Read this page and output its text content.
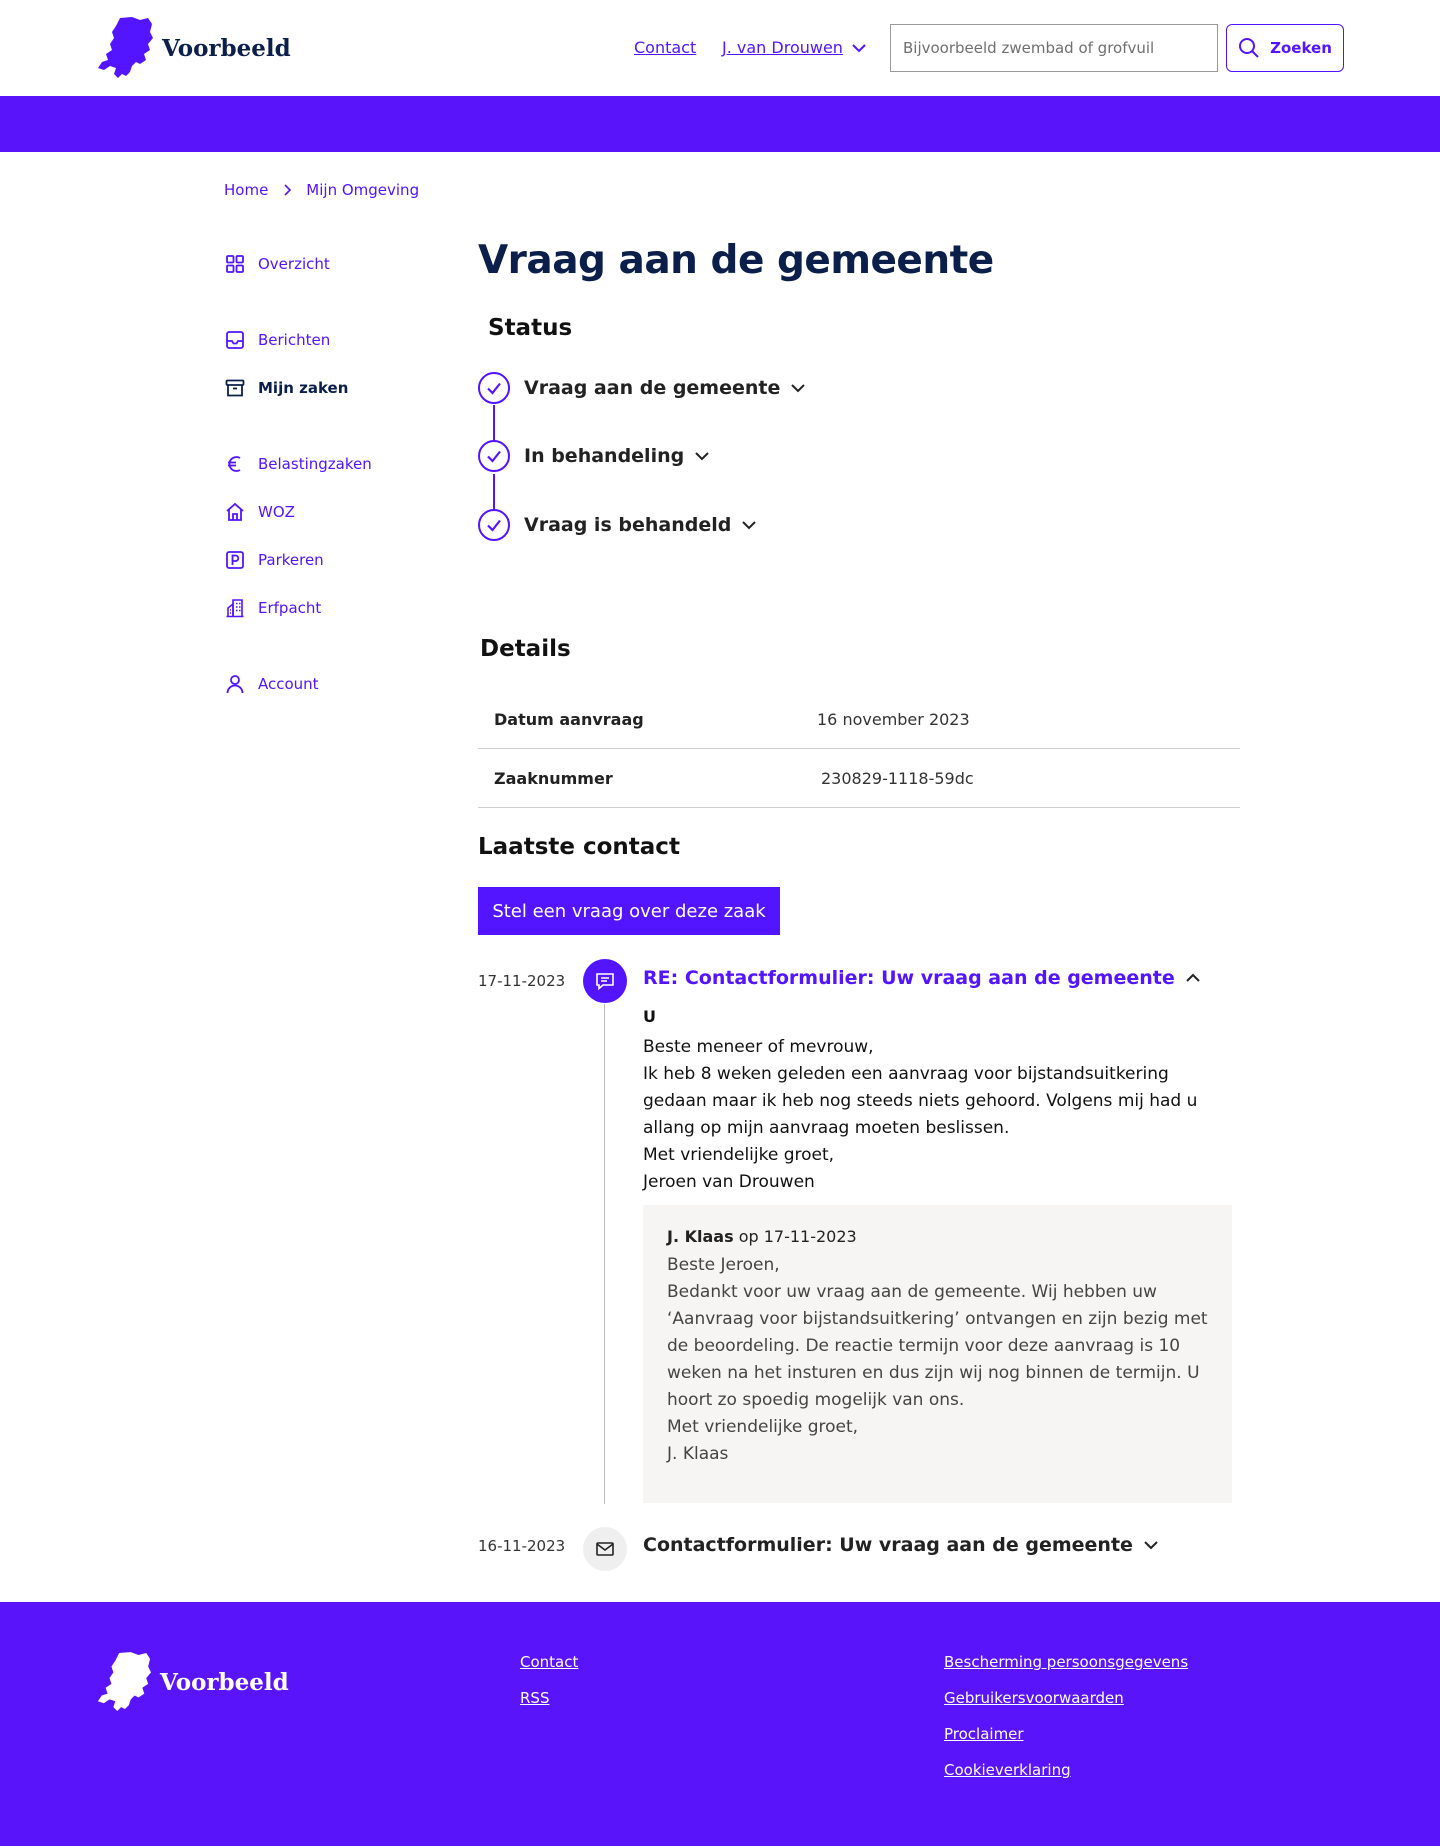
Voorbeeld	Contact J. van Drouwen
Bijvoorbeeld zwembad of grofvuil	Zoeken
Home	Mijn Omgeving
Overzicht
Berichten
Mijn zaken
Belastingzaken
WOZ
Parkeren
Erfpacht
Account
Vraag aan de gemeente
Status
Vraag aan de gemeente
In behandeling
Vraag is behandeld
Details
Datum aanvraag	16 november 2023
Zaaknummer	230829-1118-59dc
Laatste contact
Stel een vraag over deze zaak
17-11-2023	RE: Contactformulier: Uw vraag aan de gemeente
U
Beste meneer of mevrouw,
Ik heb 8 weken geleden een aanvraag voor bijstandsuitkering gedaan maar ik heb nog steeds niets gehoord. Volgens mij had u allang op mijn aanvraag moeten beslissen.
Met vriendelijke groet,
Jeroen van Drouwen
J. Klaas op 17-11-2023
Beste Jeroen,
Bedankt voor uw vraag aan de gemeente. Wij hebben uw ‘Aanvraag voor bijstandsuitkering’ ontvangen en zijn bezig met de beoordeling. De reactie termijn voor deze aanvraag is 10 weken na het insturen en dus zijn wij nog binnen de termijn. U hoort zo spoedig mogelijk van ons.
Met vriendelijke groet,
J. Klaas
16-11-2023	Contactformulier: Uw vraag aan de gemeente
Voorbeeld
Contact
RSS
Bescherming persoonsgegevens
Gebruikersvoorwaarden
Proclaimer
Cookieverklaring
